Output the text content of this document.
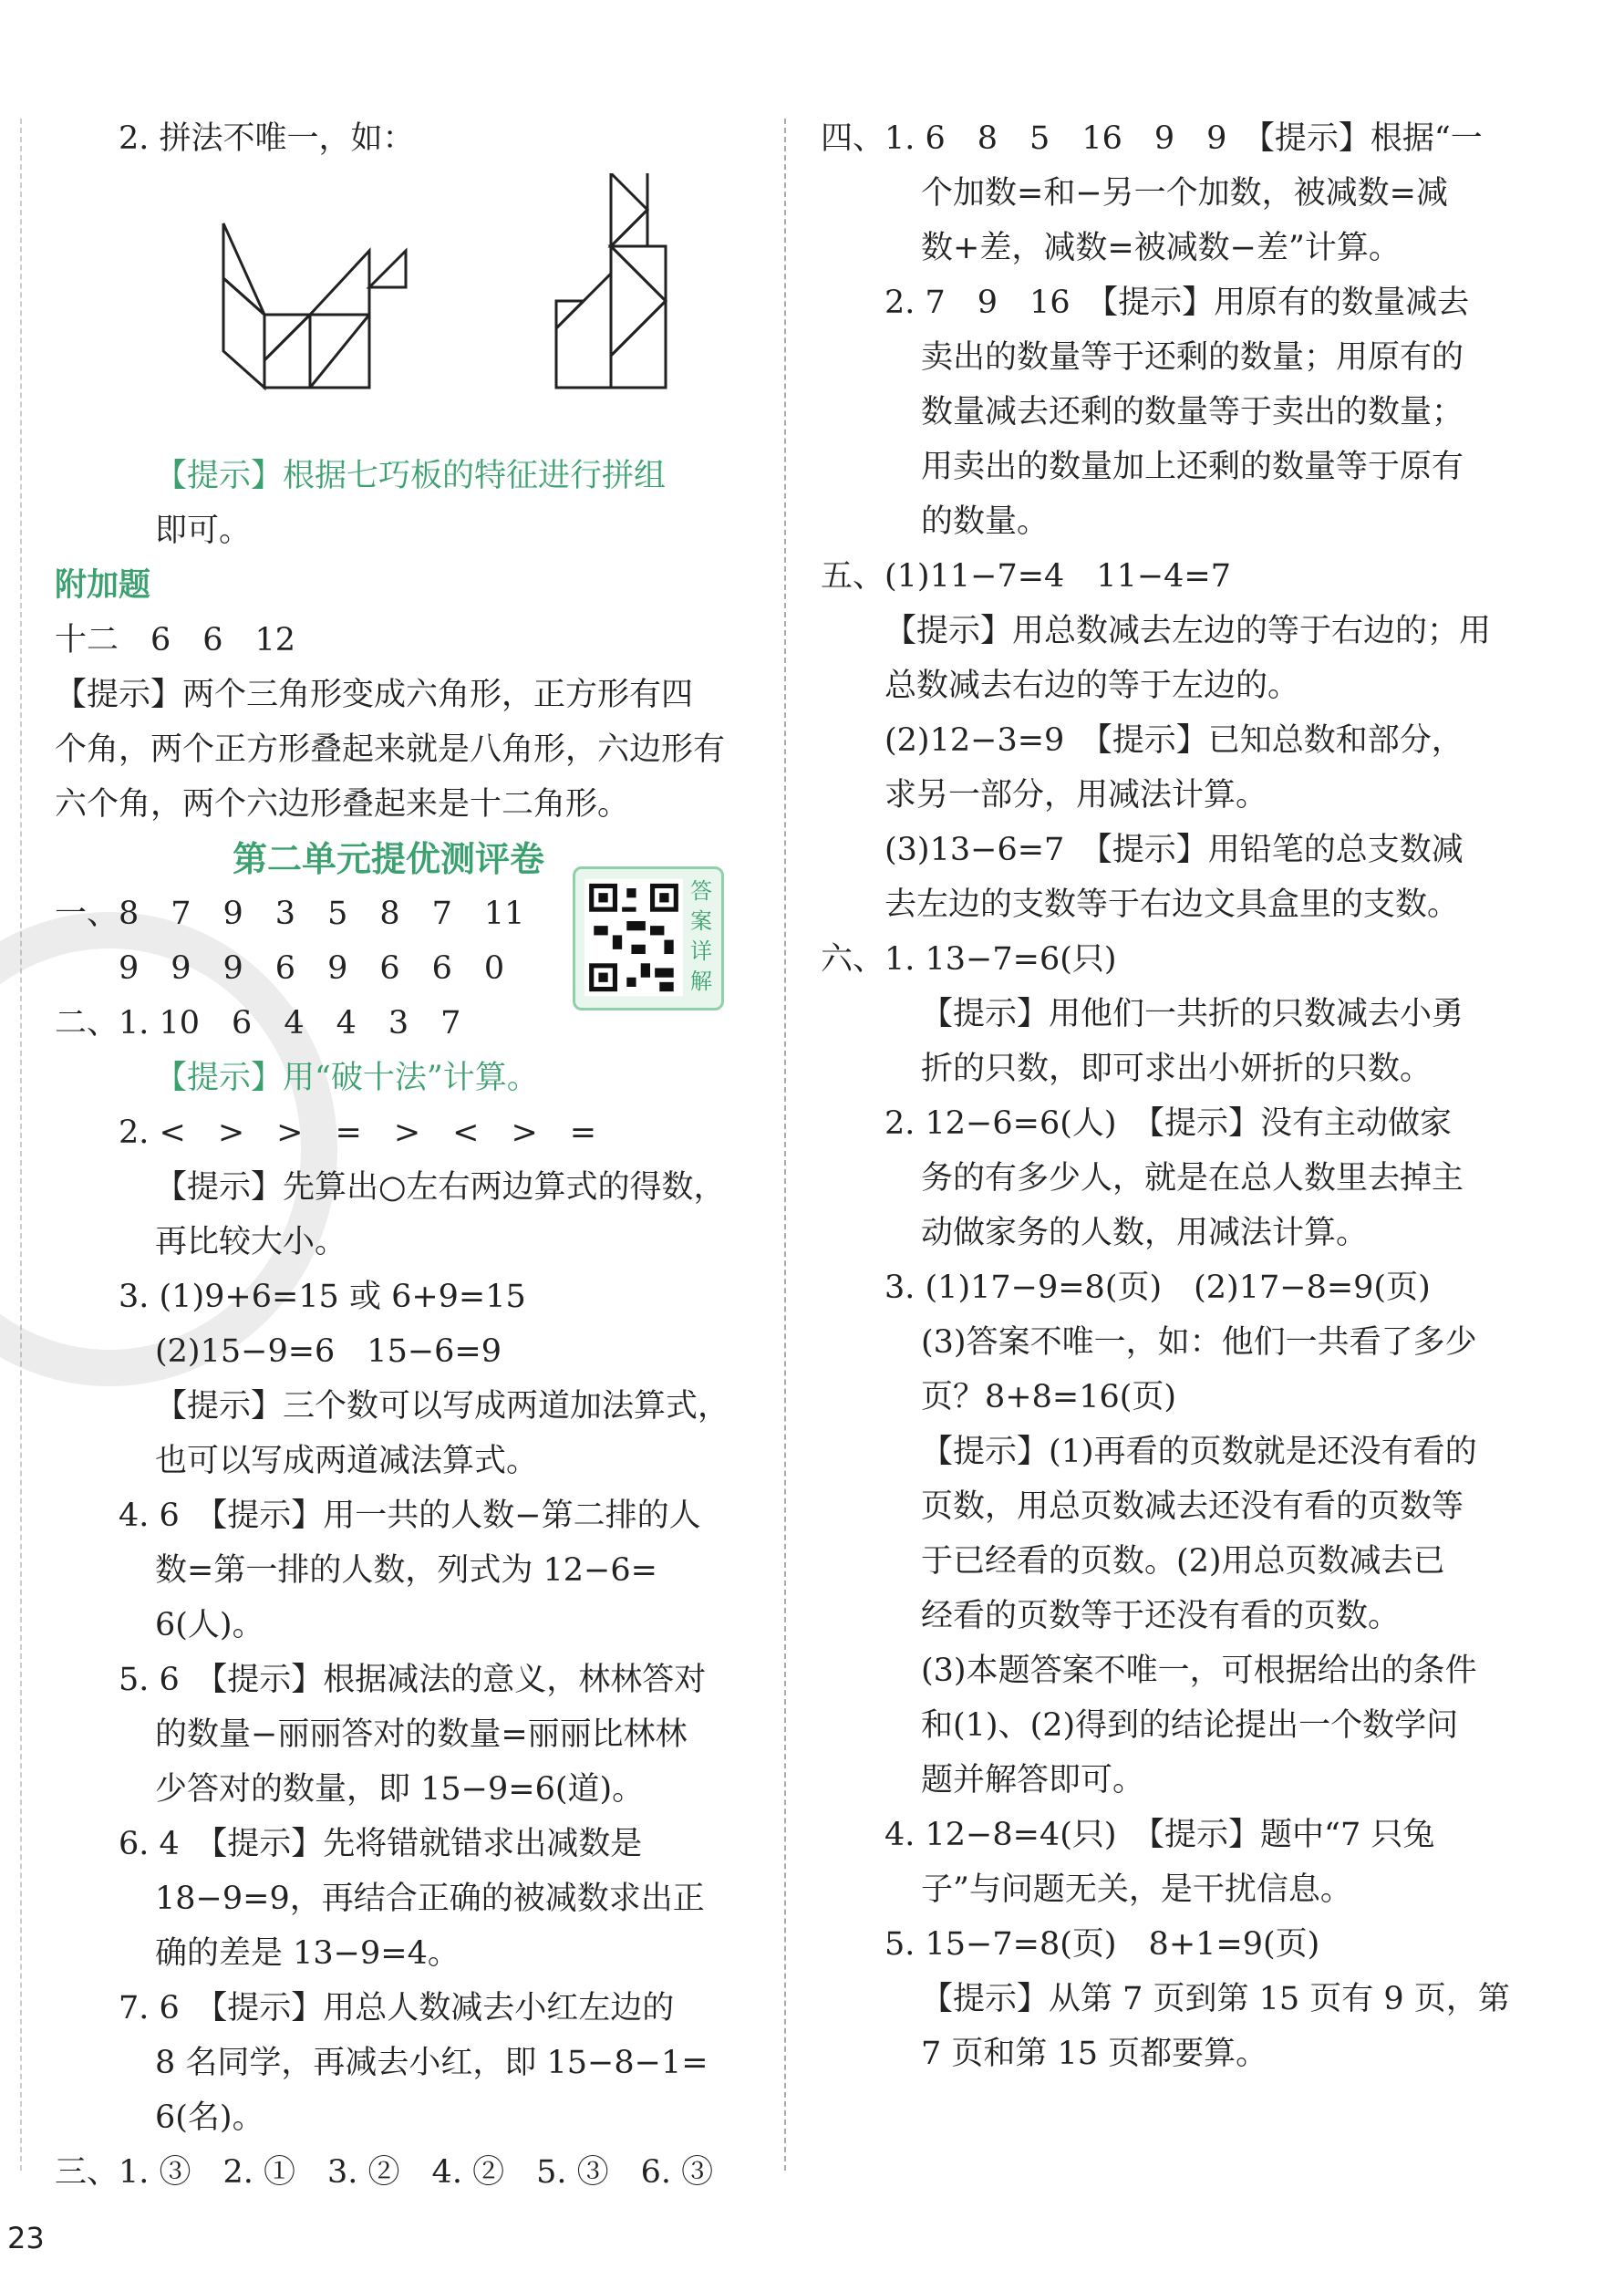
2. 拼法不唯一，如：
【提示】根据七巧板的特征进行拼组
即可。
附加题
十二　6　6　12
【提示】两个三角形变成六角形，正方形有四
个角，两个正方形叠起来就是八角形，六边形有
六个角，两个六边形叠起来是十二角形。
第二单元提优测评卷
一、8　7　9　3　5　8　7　11
9　9　9　6　9　6　6　0
二、1. 10　6　4　4　3　7
【提示】用“破十法”计算。
2. <　>　>　=　>　<　>　=
【提示】先算出○左右两边算式的得数，
再比较大小。
3. (1)9+6=15 或 6+9=15
(2)15−9=6　15−6=9
【提示】三个数可以写成两道加法算式，
也可以写成两道减法算式。
4. 6　【提示】用一共的人数−第二排的人
数=第一排的人数，列式为 12−6=
6(人)。
5. 6　【提示】根据减法的意义，林林答对
的数量−丽丽答对的数量=丽丽比林林
少答对的数量，即 15−9=6(道)。
6. 4　【提示】先将错就错求出减数是
18−9=9，再结合正确的被减数求出正
确的差是 13−9=4。
7. 6　【提示】用总人数减去小红左边的
8 名同学，再减去小红，即 15−8−1=
6(名)。
三、1. ③　2. ①　3. ②　4. ②　5. ③　6. ③
答案详解
四、1. 6　8　5　16　9　9　【提示】根据“一
个加数=和−另一个加数，被减数=减
数+差，减数=被减数−差”计算。
2. 7　9　16　【提示】用原有的数量减去
卖出的数量等于还剩的数量；用原有的
数量减去还剩的数量等于卖出的数量；
用卖出的数量加上还剩的数量等于原有
的数量。
五、(1)11−7=4　11−4=7
【提示】用总数减去左边的等于右边的；用
总数减去右边的等于左边的。
(2)12−3=9　【提示】已知总数和部分，
求另一部分，用减法计算。
(3)13−6=7　【提示】用铅笔的总支数减
去左边的支数等于右边文具盒里的支数。
六、1. 13−7=6(只)
【提示】用他们一共折的只数减去小勇
折的只数，即可求出小妍折的只数。
2. 12−6=6(人)　【提示】没有主动做家
务的有多少人，就是在总人数里去掉主
动做家务的人数，用减法计算。
3. (1)17−9=8(页)　(2)17−8=9(页)
(3)答案不唯一，如：他们一共看了多少
页？8+8=16(页)
【提示】(1)再看的页数就是还没有看的
页数，用总页数减去还没有看的页数等
于已经看的页数。(2)用总页数减去已
经看的页数等于还没有看的页数。
(3)本题答案不唯一，可根据给出的条件
和(1)、(2)得到的结论提出一个数学问
题并解答即可。
4. 12−8=4(只)　【提示】题中“7 只兔
子”与问题无关，是干扰信息。
5. 15−7=8(页)　8+1=9(页)
【提示】从第 7 页到第 15 页有 9 页，第
7 页和第 15 页都要算。
23
